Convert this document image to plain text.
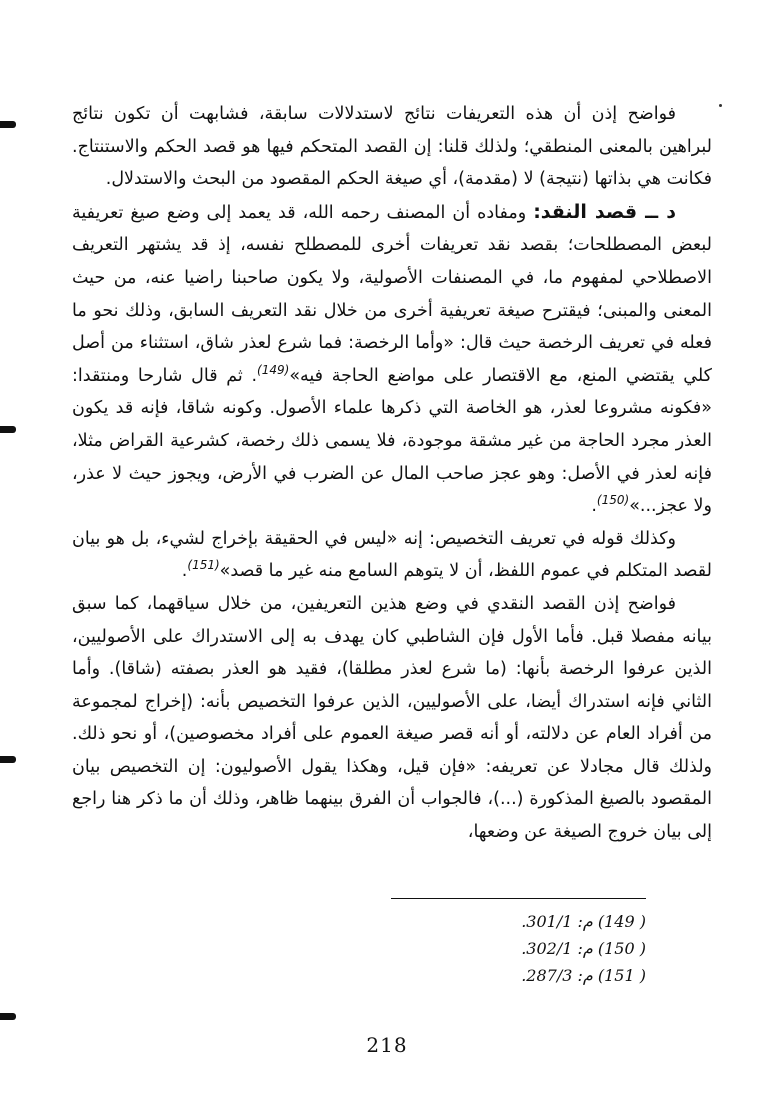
فواضح إذن أن هذه التعريفات نتائج لاستدلالات سابقة، فشابهت أن تكون نتائج لبراهين بالمعنى المنطقي؛ ولذلك قلنا: إن القصد المتحكم فيها هو قصد الحكم والاستنتاج. فكانت هي بذاتها (نتيجة) لا (مقدمة)، أي صيغة الحكم المقصود من البحث والاستدلال.

د ــ قصد النقد: ومفاده أن المصنف رحمه الله، قد يعمد إلى وضع صيغ تعريفية لبعض المصطلحات؛ بقصد نقد تعريفات أخرى للمصطلح نفسه، إذ قد يشتهر التعريف الاصطلاحي لمفهوم ما، في المصنفات الأصولية، ولا يكون صاحبنا راضيا عنه، من حيث المعنى والمبنى؛ فيقترح صيغة تعريفية أخرى من خلال نقد التعريف السابق، وذلك نحو ما فعله في تعريف الرخصة حيث قال: «وأما الرخصة: فما شرع لعذر شاق، استثناء من أصل كلي يقتضي المنع، مع الاقتصار على مواضع الحاجة فيه»$^{(149)}$. ثم قال شارحا ومنتقدا: «فكونه مشروعا لعذر، هو الخاصة التي ذكرها علماء الأصول. وكونه شاقا، فإنه قد يكون العذر مجرد الحاجة من غير مشقة موجودة، فلا يسمى ذلك رخصة، كشرعية القراض مثلا، فإنه لعذر في الأصل: وهو عجز صاحب المال عن الضرب في الأرض، ويجوز حيث لا عذر، ولا عجز...»$^{(150)}$.

وكذلك قوله في تعريف التخصيص: إنه «ليس في الحقيقة بإخراج لشيء، بل هو بيان لقصد المتكلم في عموم اللفظ، أن لا يتوهم السامع منه غير ما قصد»$^{(151)}$.

فواضح إذن القصد النقدي في وضع هذين التعريفين، من خلال سياقهما، كما سبق بيانه مفصلا قبل. فأما الأول فإن الشاطبي كان يهدف به إلى الاستدراك على الأصوليين، الذين عرفوا الرخصة بأنها: (ما شرع لعذر مطلقا)، فقيد هو العذر بصفته (شاقا). وأما الثاني فإنه استدراك أيضا، على الأصوليين، الذين عرفوا التخصيص بأنه: (إخراج لمجموعة من أفراد العام عن دلالته، أو أنه قصر صيغة العموم على أفراد مخصوصين)، أو نحو ذلك. ولذلك قال مجادلا عن تعريفه: «فإن قيل، وهكذا يقول الأصوليون: إن التخصيص بيان المقصود بالصيغ المذكورة (...)، فالجواب أن الفرق بينهما ظاهر، وذلك أن ما ذكر هنا راجع إلى بيان خروج الصيغة عن وضعها،

( 149) م: 301/1.
( 150) م: 302/1.
( 151) م: 287/3.
218
